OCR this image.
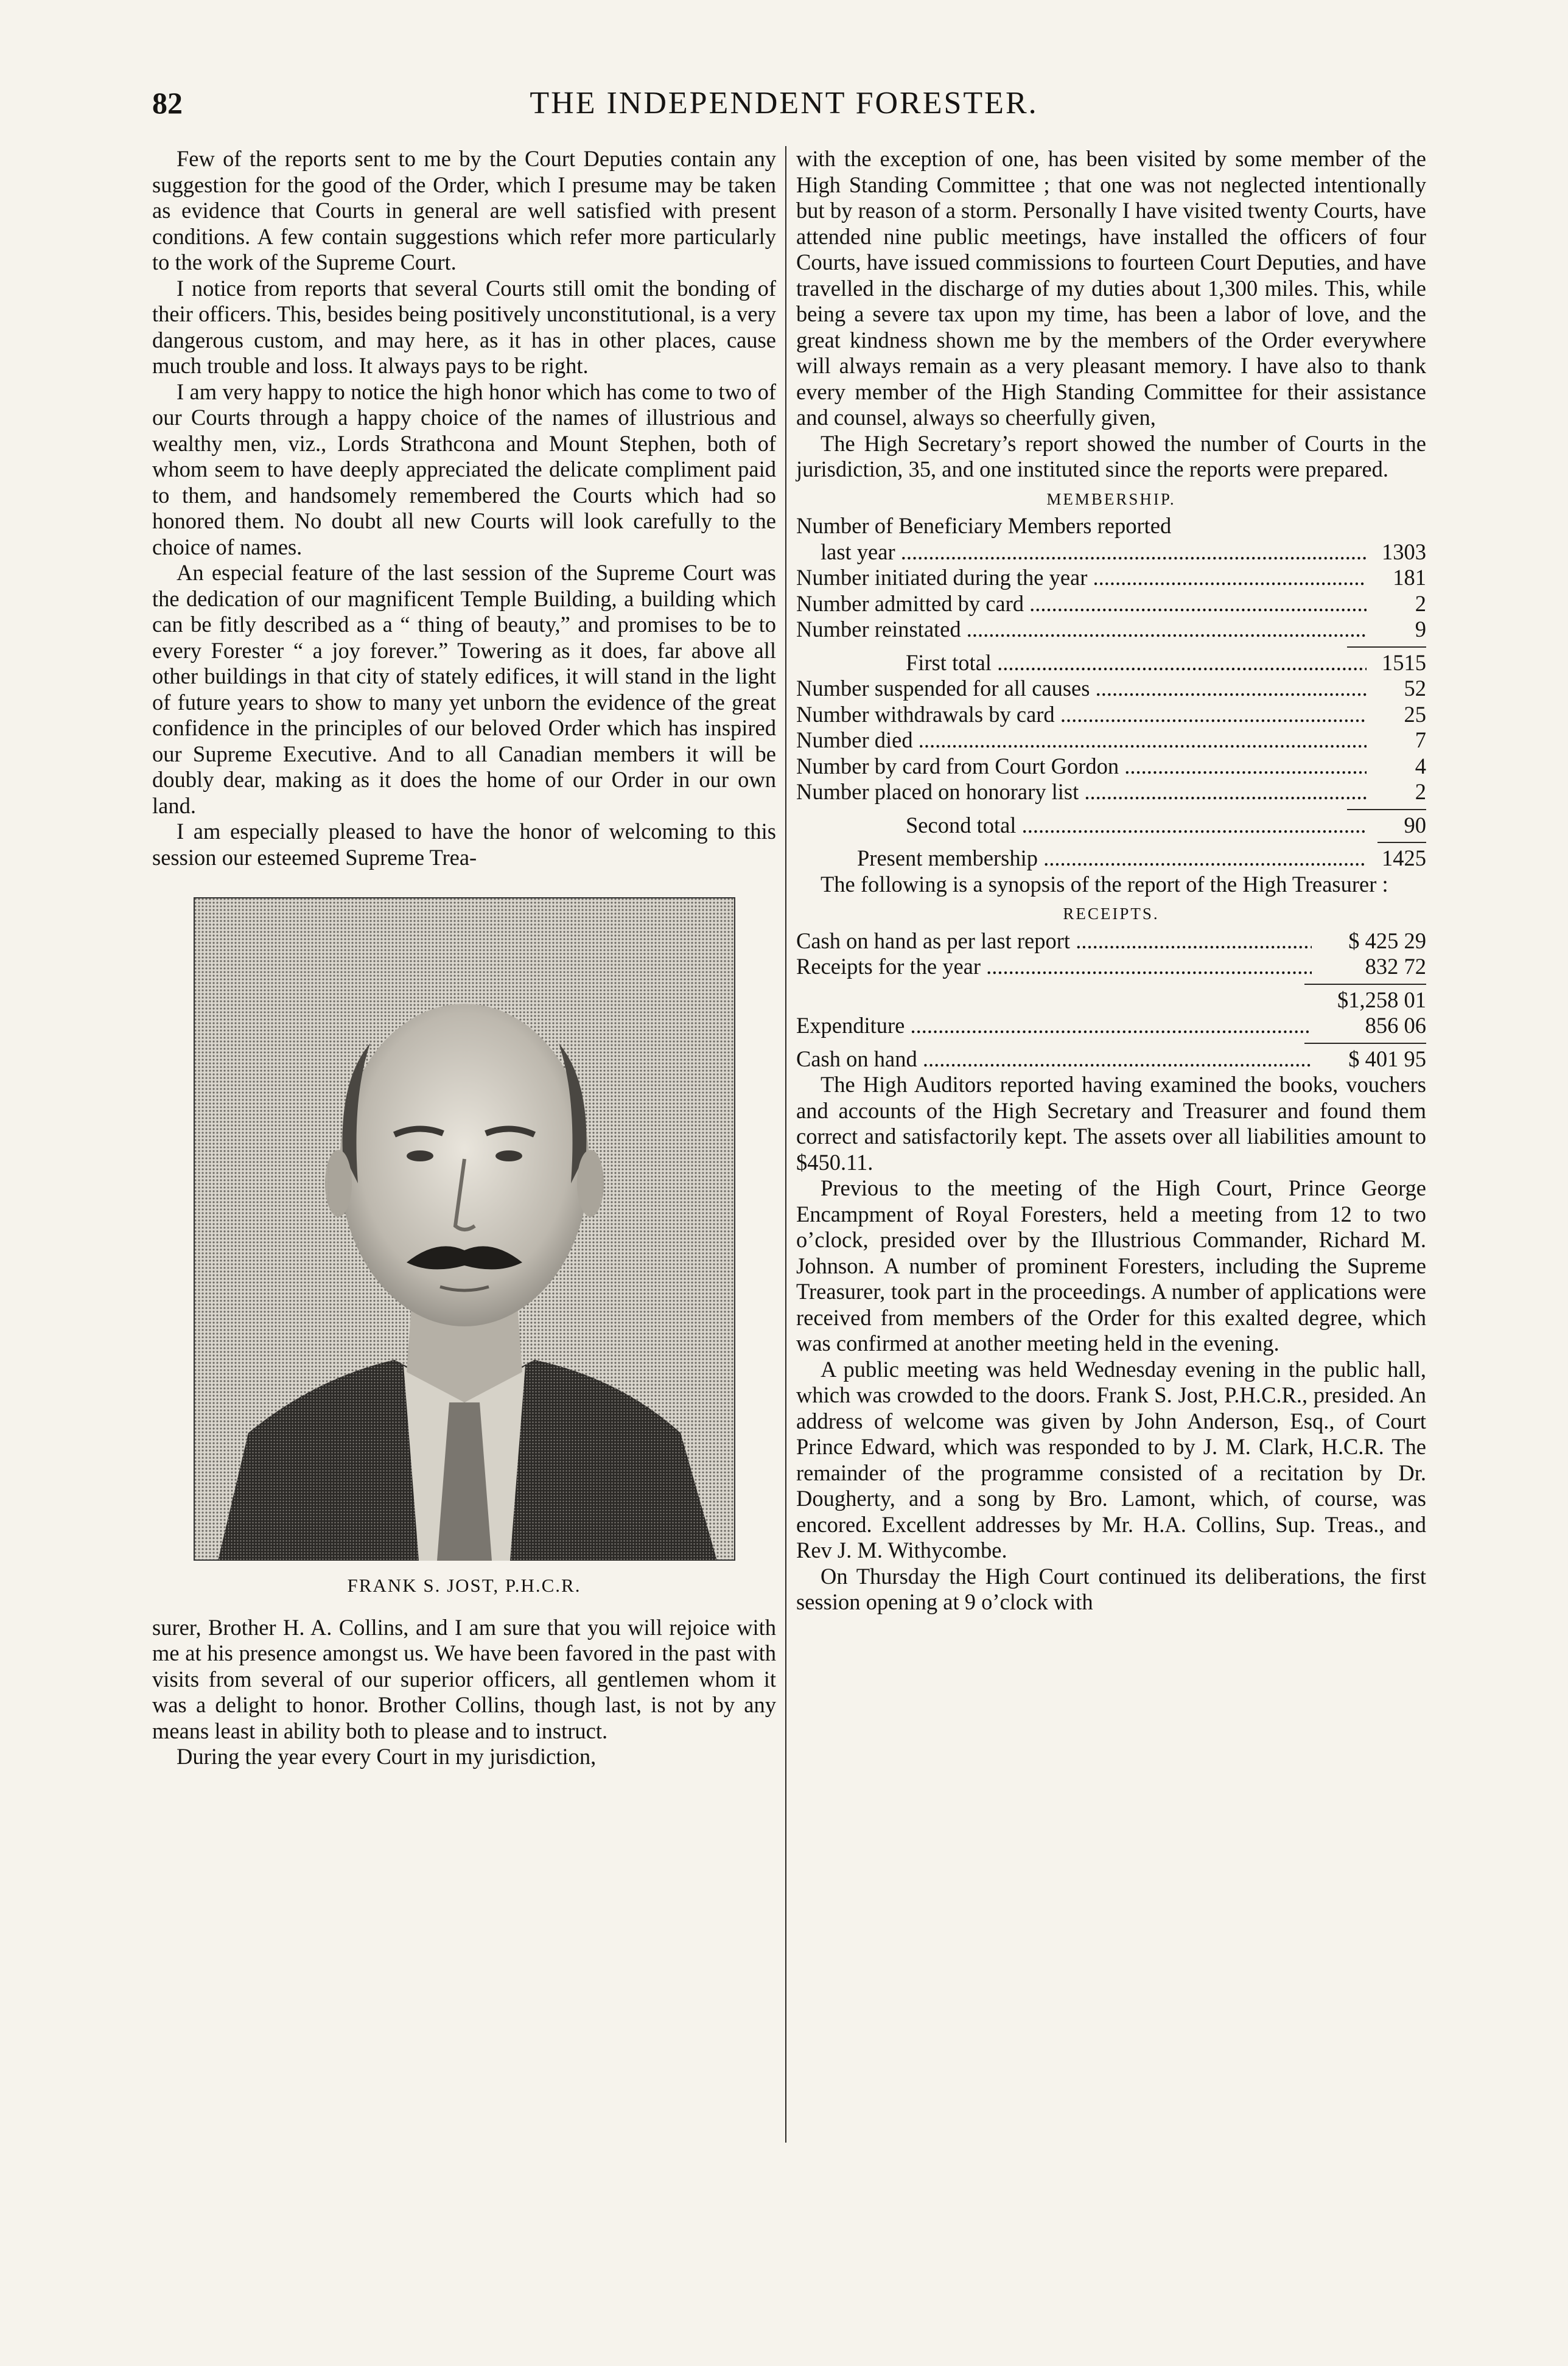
82	THE INDEPENDENT FORESTER.

Few of the reports sent to me by the Court Deputies contain any suggestion for the good of the Order, which I presume may be taken as evidence that Courts in general are well satisfied with present conditions. A few contain suggestions which refer more particularly to the work of the Supreme Court.

I notice from reports that several Courts still omit the bonding of their officers. This, besides being positively unconstitutional, is a very dangerous custom, and may here, as it has in other places, cause much trouble and loss. It always pays to be right.

I am very happy to notice the high honor which has come to two of our Courts through a happy choice of the names of illustrious and wealthy men, viz., Lords Strathcona and Mount Stephen, both of whom seem to have deeply appreciated the delicate compliment paid to them, and handsomely remembered the Courts which had so honored them. No doubt all new Courts will look carefully to the choice of names.

An especial feature of the last session of the Supreme Court was the dedication of our magnificent Temple Building, a building which can be fitly described as a “ thing of beauty,” and promises to be to every Forester “ a joy forever.” Towering as it does, far above all other buildings in that city of stately edifices, it will stand in the light of future years to show to many yet unborn the evidence of the great confidence in the principles of our beloved Order which has inspired our Supreme Executive. And to all Canadian members it will be doubly dear, making as it does the home of our Order in our own land.

I am especially pleased to have the honor of welcoming to this session our esteemed Supreme Trea-

FRANK S. JOST, P.H.C.R.

surer, Brother H. A. Collins, and I am sure that you will rejoice with me at his presence amongst us. We have been favored in the past with visits from several of our superior officers, all gentlemen whom it was a delight to honor. Brother Collins, though last, is not by any means least in ability both to please and to instruct.

During the year every Court in my jurisdiction,

with the exception of one, has been visited by some member of the High Standing Committee ; that one was not neglected intentionally but by reason of a storm. Personally I have visited twenty Courts, have attended nine public meetings, have installed the officers of four Courts, have issued commissions to fourteen Court Deputies, and have travelled in the discharge of my duties about 1,300 miles. This, while being a severe tax upon my time, has been a labor of love, and the great kindness shown me by the members of the Order everywhere will always remain as a very pleasant memory. I have also to thank every member of the High Standing Committee for their assistance and counsel, always so cheerfully given,

The High Secretary’s report showed the number of Courts in the jurisdiction, 35, and one instituted since the reports were prepared.

MEMBERSHIP.
Number of Beneficiary Members reported
last year .....	1303
Number initiated during the year .....	181
Number admitted by card .....	2
Number reinstated .....	9
First total .....	1515
Number suspended for all causes .....	52
Number withdrawals by card .....	25
Number died .....	7
Number by card from Court Gordon .....	4
Number placed on honorary list .....	2
Second total .....	90
Present membership .....	1425

The following is a synopsis of the report of the High Treasurer :

RECEIPTS.
Cash on hand as per last report .....	$ 425 29
Receipts for the year .....	832 72
$1,258 01
Expenditure .....	856 06
Cash on hand .....	$ 401 95

The High Auditors reported having examined the books, vouchers and accounts of the High Secretary and Treasurer and found them correct and satisfactorily kept. The assets over all liabilities amount to $450.11.

Previous to the meeting of the High Court, Prince George Encampment of Royal Foresters, held a meeting from 12 to two o’clock, presided over by the Illustrious Commander, Richard M. Johnson. A number of prominent Foresters, including the Supreme Treasurer, took part in the proceedings. A number of applications were received from members of the Order for this exalted degree, which was confirmed at another meeting held in the evening.

A public meeting was held Wednesday evening in the public hall, which was crowded to the doors. Frank S. Jost, P.H.C.R., presided. An address of welcome was given by John Anderson, Esq., of Court Prince Edward, which was responded to by J. M. Clark, H.C.R. The remainder of the programme consisted of a recitation by Dr. Dougherty, and a song by Bro. Lamont, which, of course, was encored. Excellent addresses by Mr. H.A. Collins, Sup. Treas., and Rev J. M. Withycombe.

On Thursday the High Court continued its deliberations, the first session opening at 9 o’clock with
